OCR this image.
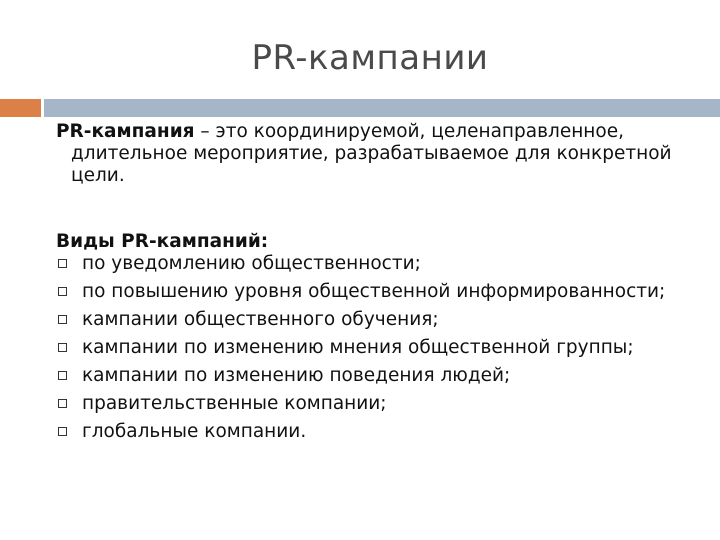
PR-кампании

PR-кампания – это координируемой, целенаправленное, длительное мероприятие, разрабатываемое для конкретной цели.

Виды PR-кампаний:

по уведомлению общественности;
по повышению уровня общественной информированности;
кампании общественного обучения;
кампании по изменению мнения общественной группы;
кампании по изменению поведения людей;
правительственные компании;
глобальные компании.
